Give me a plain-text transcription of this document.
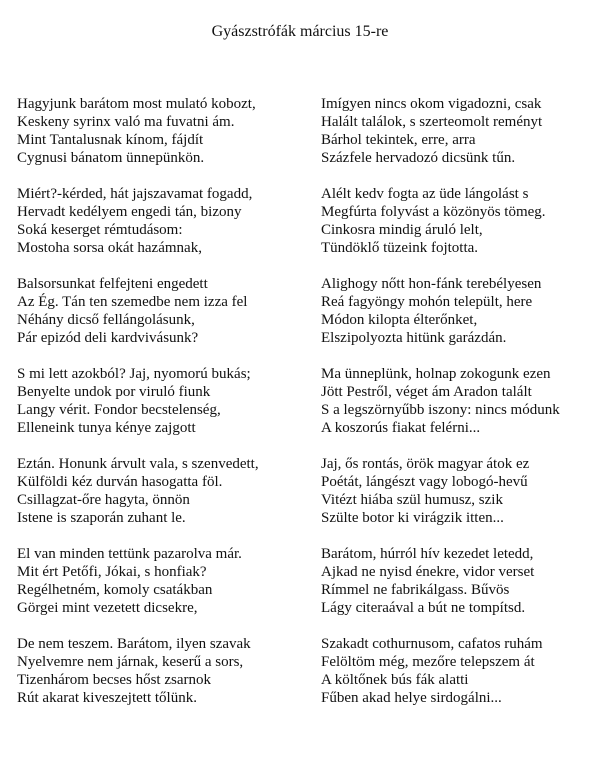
Gyászstrófák március 15-re
Hagyjunk barátom most mulató kobozt,
Keskeny syrinx való ma fuvatni ám.
Mint Tantalusnak kínom, fájdít
Cygnusi bánatom ünnepünkön.
Miért?-kérded, hát jajszavamat fogadd,
Hervadt kedélyem engedi tán, bizony
Soká keserget rémtudásom:
Mostoha sorsa okát hazámnak,
Balsorsunkat felfejteni engedett
Az Ég. Tán ten szemedbe nem izza fel
Néhány dicső fellángolásunk,
Pár epizód deli kardvivásunk?
S mi lett azokból? Jaj, nyomorú bukás;
Benyelte undok por viruló fiunk
Langy vérit. Fondor becstelenség,
Elleneink tunya kénye zajgott
Eztán. Honunk árvult vala, s szenvedett,
Külföldi kéz durván hasogatta föl.
Csillagzat-őre hagyta, önnön
Istene is szaporán zuhant le.
El van minden tettünk pazarolva már.
Mit ért Petőfi, Jókai, s honfiak?
Regélhetném, komoly csatákban
Görgei mint vezetett dicsekre,
De nem teszem. Barátom, ilyen szavak
Nyelvemre nem járnak, keserű a sors,
Tizenhárom becses hőst zsarnok
Rút akarat kiveszejtett tőlünk.
Imígyen nincs okom vigadozni, csak
Halált találok, s szerteomolt reményt
Bárhol tekintek, erre, arra
Százfele hervadozó dicsünk tűn.
Alélt kedv fogta az üde lángolást s
Megfúrta folyvást a közönyös tömeg.
Cinkosra mindig áruló lelt,
Tündöklő tüzeink fojtotta.
Alighogy nőtt hon-fánk terebélyesen
Reá fagyöngy mohón települt, here
Módon kilopta élterőnket,
Elszipolyozta hitünk garázdán.
Ma ünneplünk, holnap zokogunk ezen
Jött Pestről, véget ám Aradon talált
S a legszörnyűbb iszony: nincs módunk
A koszorús fiakat felérni...
Jaj, ős rontás, örök magyar átok ez
Poétát, lángészt vagy lobogó-hevű
Vitézt hiába szül humusz, szik
Szülte botor ki virágzik itten...
Barátom, húrról hív kezedet letedd,
Ajkad ne nyisd énekre, vidor verset
Rímmel ne fabrikálgass. Bűvös
Lágy citeraával a bút ne tompítsd.
Szakadt cothurnusom, cafatos ruhám
Felöltöm még, mezőre telepszem át
A költőnek bús fák alatti
Fűben akad helye sirdogálni...
